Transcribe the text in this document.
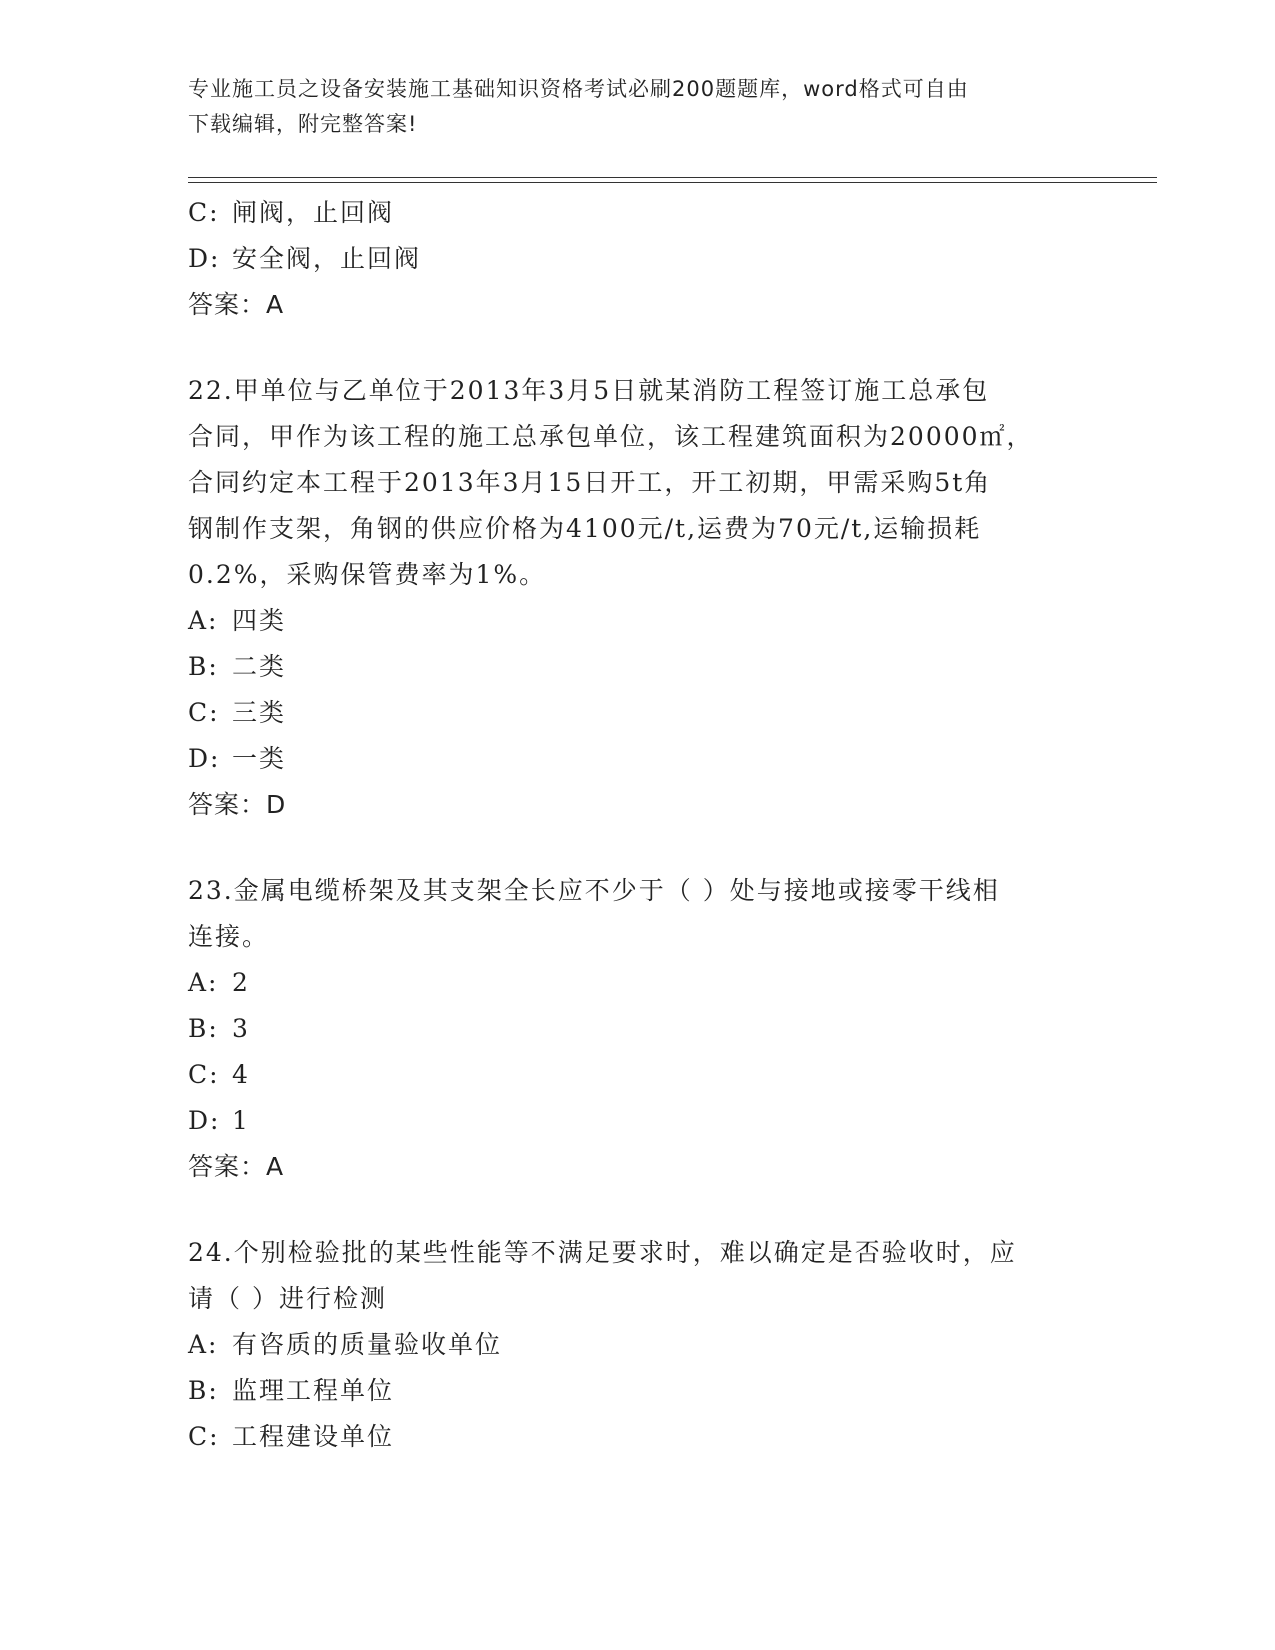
专业施工员之设备安装施工基础知识资格考试必刷200题题库，word格式可自由
下载编辑，附完整答案!
C: 闸阀，止回阀
D: 安全阀，止回阀
答案：A
22.甲单位与乙单位于2013年3月5日就某消防工程签订施工总承包
合同，甲作为该工程的施工总承包单位，该工程建筑面积为20000㎡，
合同约定本工程于2013年3月15日开工，开工初期，甲需采购5t角
钢制作支架，角钢的供应价格为4100元/t,运费为70元/t,运输损耗
0.2%，采购保管费率为1%。
A: 四类
B: 二类
C: 三类
D: 一类
答案：D
23.金属电缆桥架及其支架全长应不少于（ ）处与接地或接零干线相
连接。
A: 2
B: 3
C: 4
D: 1
答案：A
24.个别检验批的某些性能等不满足要求时，难以确定是否验收时，应
请（ ）进行检测
A: 有咨质的质量验收单位
B: 监理工程单位
C: 工程建设单位
